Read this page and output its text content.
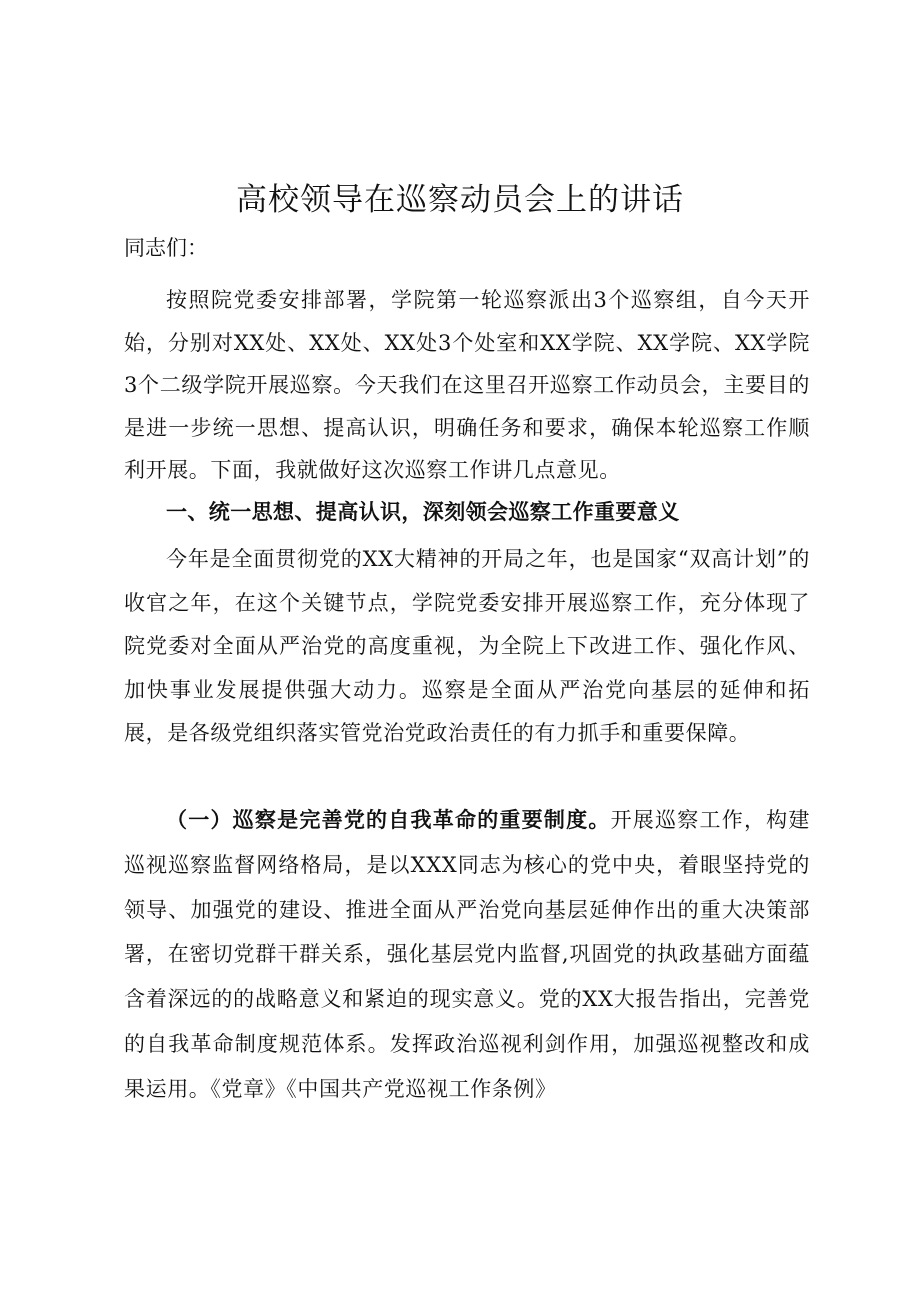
高校领导在巡察动员会上的讲话

同志们：

按照院党委安排部署，学院第一轮巡察派出3个巡察组，自今天开始，分别对XX处、XX处、XX处3个处室和XX学院、XX学院、XX学院3个二级学院开展巡察。今天我们在这里召开巡察工作动员会，主要目的是进一步统一思想、提高认识，明确任务和要求，确保本轮巡察工作顺利开展。下面，我就做好这次巡察工作讲几点意见。

一、统一思想、提高认识，深刻领会巡察工作重要意义

今年是全面贯彻党的XX大精神的开局之年，也是国家“双高计划”的收官之年，在这个关键节点，学院党委安排开展巡察工作，充分体现了院党委对全面从严治党的高度重视，为全院上下改进工作、强化作风、加快事业发展提供强大动力。巡察是全面从严治党向基层的延伸和拓展，是各级党组织落实管党治党政治责任的有力抓手和重要保障。

（一）巡察是完善党的自我革命的重要制度。开展巡察工作，构建巡视巡察监督网络格局，是以XXX同志为核心的党中央，着眼坚持党的领导、加强党的建设、推进全面从严治党向基层延伸作出的重大决策部署，在密切党群干群关系，强化基层党内监督,巩固党的执政基础方面蕴含着深远的的战略意义和紧迫的现实意义。党的XX大报告指出，完善党的自我革命制度规范体系。发挥政治巡视利剑作用，加强巡视整改和成果运用。《党章》《中国共产党巡视工作条例》
